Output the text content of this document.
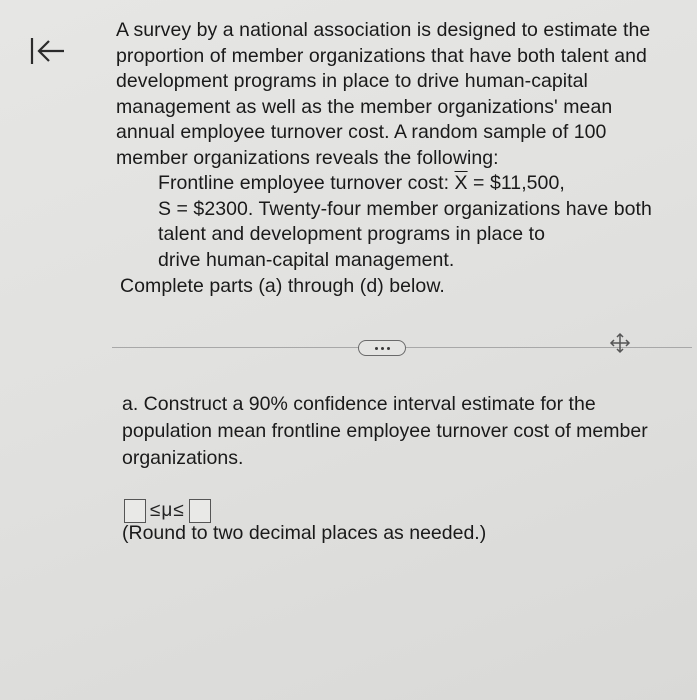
A survey by a national association is designed to estimate the
proportion of member organizations that have both talent and
development programs in place to drive human-capital
management as well as the member organizations' mean
annual employee turnover cost. A random sample of 100
member organizations reveals the following:
Frontline employee turnover cost: $\overline{X}$ = $11,500,
S = $2300. Twenty-four member organizations have both
talent and development programs in place to
drive human-capital management.
Complete parts (a) through (d) below.
a. Construct a 90% confidence interval estimate for the
population mean frontline employee turnover cost of member
organizations.
≤μ≤
(Round to two decimal places as needed.)
